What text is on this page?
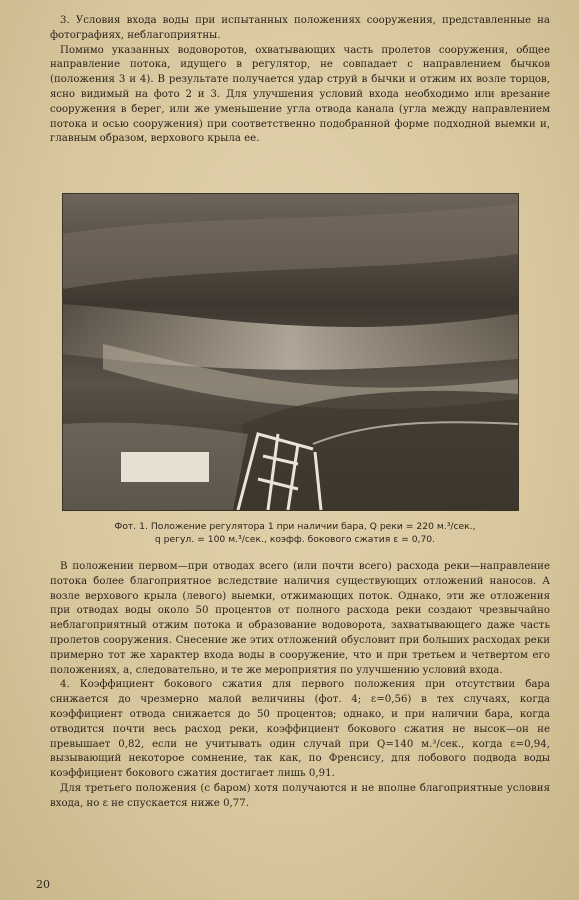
3. Условия входа воды при испытанных положениях сооружения, представленные на фотографиях, неблагоприятны.

Помимо указанных водоворотов, охватывающих часть пролетов сооружения, общее направление потока, идущего в регулятор, не совпадает с направлением бычков (положения 3 и 4). В результате получается удар струй в бычки и отжим их возле торцов, ясно видимый на фото 2 и 3. Для улучшения условий входа необходимо или врезание сооружения в берег, или же уменьшение угла отвода канала (угла между направлением потока и осью сооружения) при соответственно подобранной форме подходной выемки и, главным образом, верхового крыла ее.

Фот. 1. Положение регулятора 1 при наличии бара, Q реки = 220 м.³/сек.,
q регул. = 100 м.³/сек., коэфф. бокового сжатия ε = 0,70.

В положении первом—при отводах всего (или почти всего) расхода реки—направление потока более благоприятное вследствие наличия существующих отложений наносов. А возле верхового крыла (левого) выемки, отжимающих поток. Однако, эти же отложения при отводах воды около 50 процентов от полного расхода реки создают чрезвычайно неблагоприятный отжим потока и образование водоворота, захватывающего даже часть пролетов сооружения. Снесение же этих отложений обусловит при больших расходах реки примерно тот же характер входа воды в сооружение, что и при третьем и четвертом его положениях, а, следовательно, и те же мероприятия по улучшению условий входа.

4. Коэффициент бокового сжатия для первого положения при отсутствии бара снижается до чрезмерно малой величины (фот. 4; ε=0,56) в тех случаях, когда коэффициент отвода снижается до 50 процентов; однако, и при наличии бара, когда отводится почти весь расход реки, коэффициент бокового сжатия не высок—он не превышает 0,82, если не учитывать один случай при Q=140 м.³/сек., когда ε=0,94, вызывающий некоторое сомнение, так как, по Френсису, для лобового подвода воды коэффициент бокового сжатия достигает лишь 0,91.

Для третьего положения (с баром) хотя получаются и не вполне благоприятные условия входа, но ε не спускается ниже 0,77.

20
